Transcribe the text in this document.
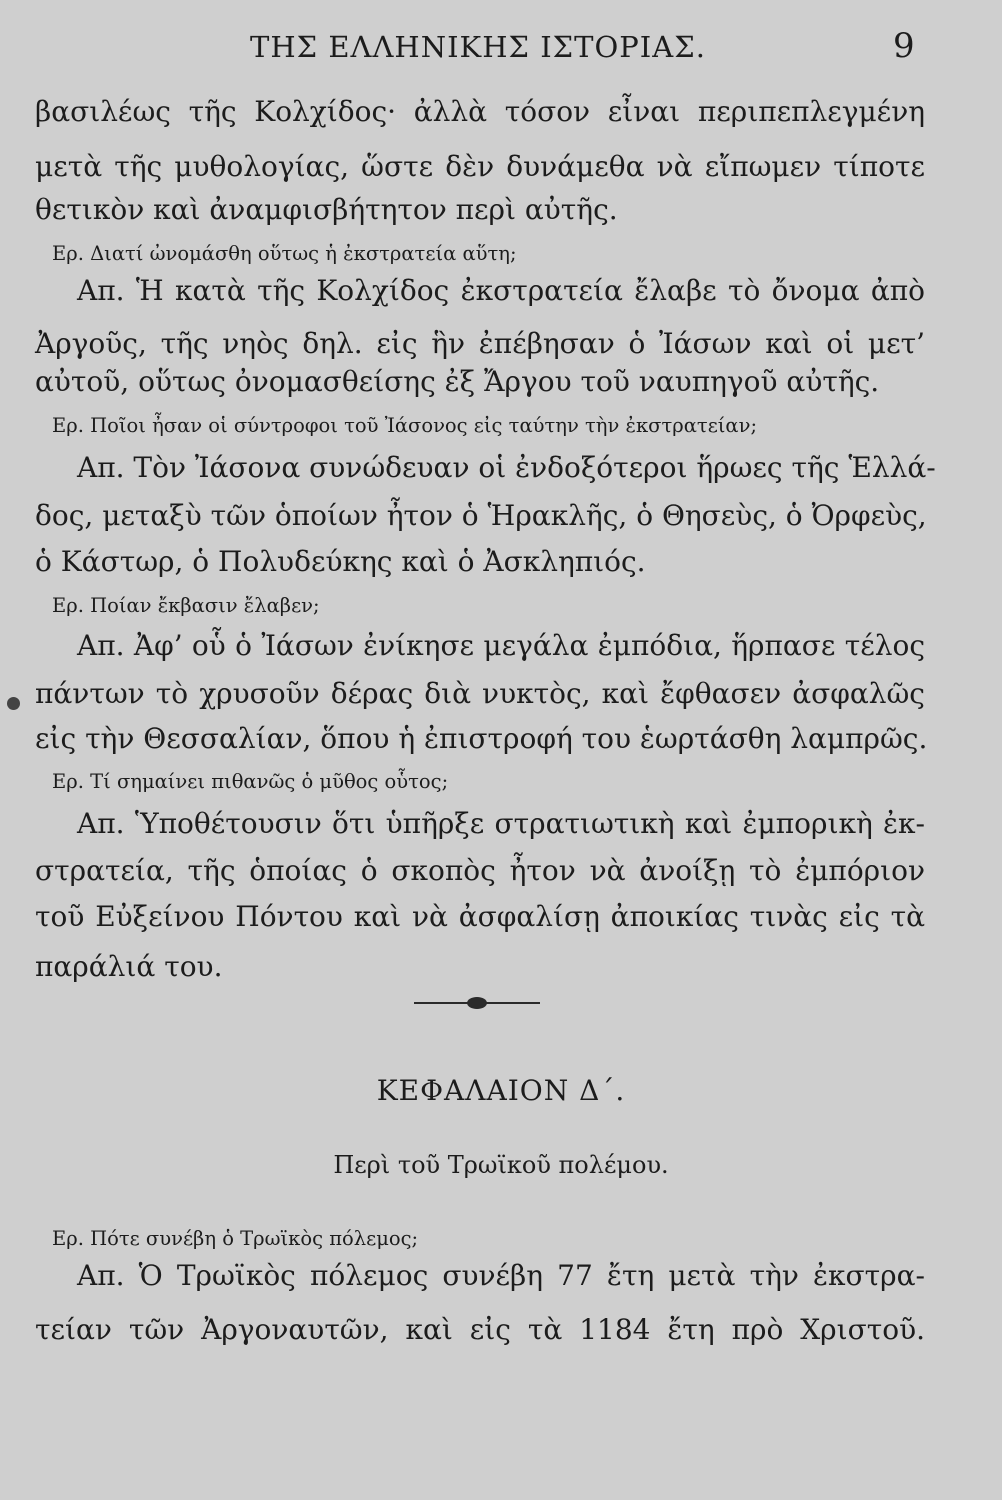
ΤΗΣ ΕΛΛΗΝΙΚΗΣ ΙΣΤΟΡΙΑΣ.	9
βασιλέως τῆς Κολχίδος· ἀλλὰ τόσον εἶναι περιπεπλεγμένη
μετὰ τῆς μυθολογίας, ὥστε δὲν δυνάμεθα νὰ εἴπωμεν τίποτε
θετικὸν καὶ ἀναμφισβήτητον περὶ αὐτῆς.
Ερ. Διατί ὠνομάσθη οὕτως ἡ ἐκστρατεία αὕτη;
Απ. Ἡ κατὰ τῆς Κολχίδος ἐκστρατεία ἔλαβε τὸ ὄνομα ἀπὸ
Ἀργοῦς, τῆς νηὸς δηλ. εἰς ἣν ἐπέβησαν ὁ Ἰάσων καὶ οἱ μετ’
αὐτοῦ, οὕτως ὀνομασθείσης ἐξ Ἄργου τοῦ ναυπηγοῦ αὐτῆς.
Ερ. Ποῖοι ἦσαν οἱ σύντροφοι τοῦ Ἰάσονος εἰς ταύτην τὴν ἐκστρατείαν;
Απ. Τὸν Ἰάσονα συνώδευαν οἱ ἐνδοξότεροι ἥρωες τῆς Ἑλλά-
δος, μεταξὺ τῶν ὁποίων ἦτον ὁ Ἡρακλῆς, ὁ Θησεὺς, ὁ Ὀρφεὺς,
ὁ Κάστωρ, ὁ Πολυδεύκης καὶ ὁ Ἀσκληπιός.
Ερ. Ποίαν ἔκβασιν ἔλαβεν;
Απ. Ἀφ’ οὗ ὁ Ἰάσων ἐνίκησε μεγάλα ἐμπόδια, ἥρπασε τέλος
πάντων τὸ χρυσοῦν δέρας διὰ νυκτὸς, καὶ ἔφθασεν ἀσφαλῶς
εἰς τὴν Θεσσαλίαν, ὅπου ἡ ἐπιστροφή του ἑωρτάσθη λαμπρῶς.
Ερ. Τί σημαίνει πιθανῶς ὁ μῦθος οὗτος;
Απ. Ὑποθέτουσιν ὅτι ὑπῆρξε στρατιωτικὴ καὶ ἐμπορικὴ ἐκ-
στρατεία, τῆς ὁποίας ὁ σκοπὸς ἦτον νὰ ἀνοίξῃ τὸ ἐμπόριον
τοῦ Εὐξείνου Πόντου καὶ νὰ ἀσφαλίσῃ ἀποικίας τινὰς εἰς τὰ
παράλιά του.
ΚΕΦΑΛΑΙΟΝ Δ΄.
Περὶ τοῦ Τρωϊκοῦ πολέμου.
Ερ. Πότε συνέβη ὁ Τρωϊκὸς πόλεμος;
Απ. Ὁ Τρωϊκὸς πόλεμος συνέβη 77 ἔτη μετὰ τὴν ἐκστρα-
τείαν τῶν Ἀργοναυτῶν, καὶ εἰς τὰ 1184 ἔτη πρὸ Χριστοῦ.
